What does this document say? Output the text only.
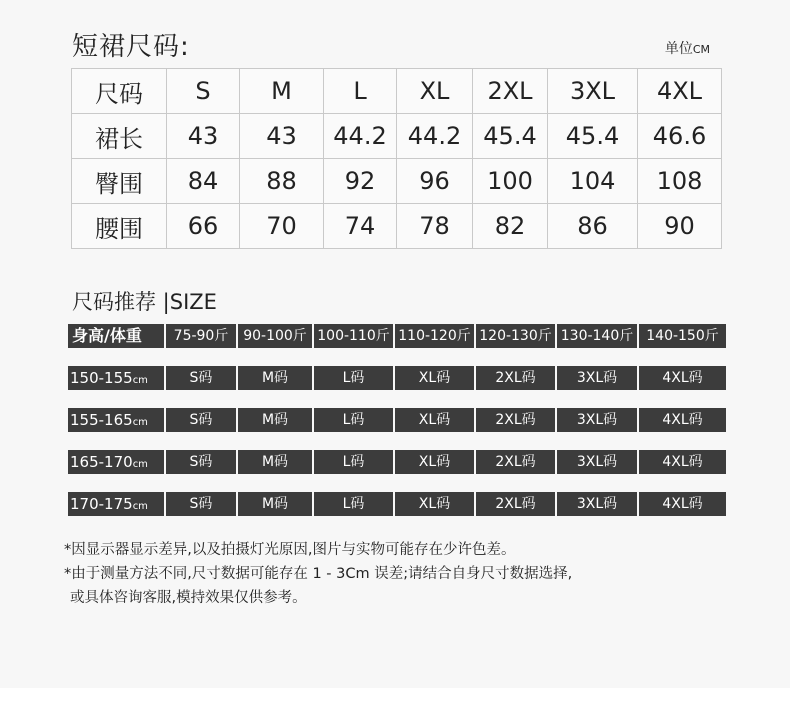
短裙尺码:	单位CM
尺码	S	M	L	XL	2XL	3XL	4XL
裙长	43	43	44.2	44.2	45.4	45.4	46.6
臀围	84	88	92	96	100	104	108
腰围	66	70	74	78	82	86	90
尺码推荐 |SIZE
身高/体重	75-90斤	90-100斤 100-110斤 110-120斤 120-130斤 130-140斤 140-150斤
150-155cm	S码	M码	L码	XL码	2XL码	3XL码	4XL码
155-165cm	S码	M码	L码	XL码	2XL码	3XL码	4XL码
165-170cm	S码	M码	L码	XL码	2XL码	3XL码	4XL码
170-175cm	S码	M码	L码	XL码	2XL码	3XL码	4XL码

*因显示器显示差异,以及拍摄灯光原因,图片与实物可能存在少许色差。

*由于测量方法不同,尺寸数据可能存在 1 - 3Cm 误差;请结合自身尺寸数据选择,

或具体咨询客服,模持效果仅供参考。
